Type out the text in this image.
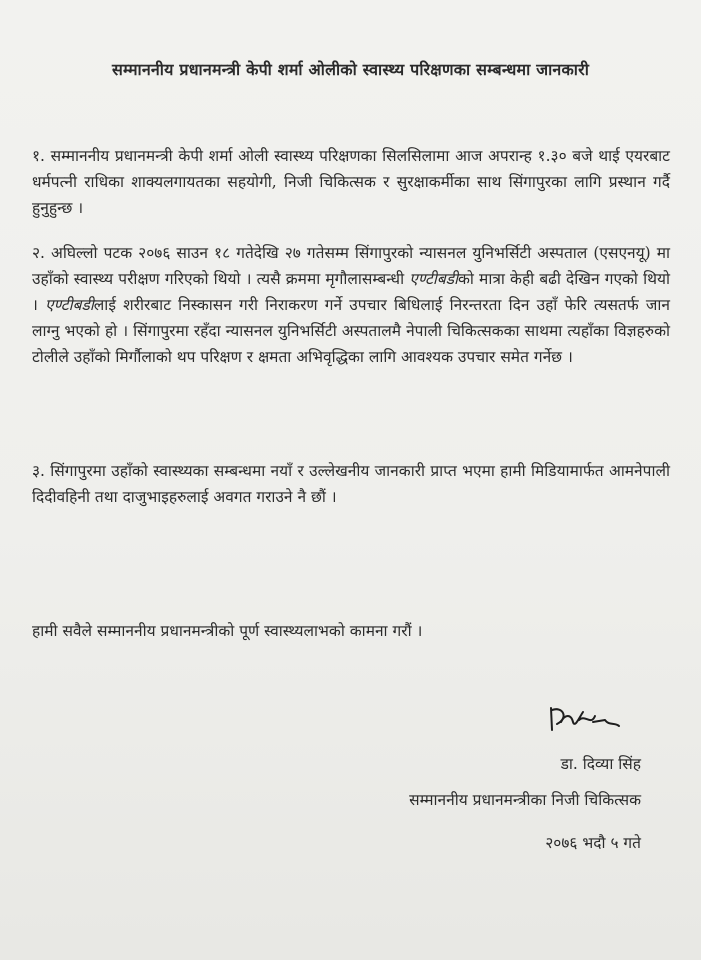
सम्माननीय प्रधानमन्त्री केपी शर्मा ओलीको स्वास्थ्य परिक्षणका सम्बन्धमा जानकारी
१. सम्माननीय प्रधानमन्त्री केपी शर्मा ओली स्वास्थ्य परिक्षणका सिलसिलामा आज अपरान्ह १.३० बजे थाई एयरबाट धर्मपत्नी राधिका शाक्यलगायतका सहयोगी, निजी चिकित्सक र सुरक्षाकर्मीका साथ सिंगापुरका लागि प्रस्थान गर्दै हुनुहुन्छ ।
२. अघिल्लो पटक २०७६ साउन १८ गतेदेखि २७ गतेसम्म सिंगापुरको न्यासनल युनिभर्सिटी अस्पताल (एसएनयू) मा उहाँको स्वास्थ्य परीक्षण गरिएको थियो । त्यसै क्रममा मृगौलासम्बन्धी एण्टीबडीको मात्रा केही बढी देखिन गएको थियो । एण्टीबडीलाई शरीरबाट निस्कासन गरी निराकरण गर्ने उपचार बिधिलाई निरन्तरता दिन उहाँ फेरि त्यसतर्फ जान लाग्नु भएको हो । सिंगापुरमा रहँदा न्यासनल युनिभर्सिटी अस्पतालमै नेपाली चिकित्सकका साथमा त्यहाँका विज्ञहरुको टोलीले उहाँको मिर्गौलाको थप परिक्षण र क्षमता अभिवृद्धिका लागि आवश्यक उपचार समेत गर्नेछ ।
३. सिंगापुरमा उहाँको स्वास्थ्यका सम्बन्धमा नयाँ र उल्लेखनीय जानकारी प्राप्त भएमा हामी मिडियामार्फत आमनेपाली दिदीवहिनी तथा दाजुभाइहरुलाई अवगत गराउने नै छौं ।
हामी सवैले सम्माननीय प्रधानमन्त्रीको पूर्ण स्वास्थ्यलाभको कामना गरौं ।
डा. दिव्या सिंह
सम्माननीय प्रधानमन्त्रीका निजी चिकित्सक
२०७६ भदौ ५ गते
